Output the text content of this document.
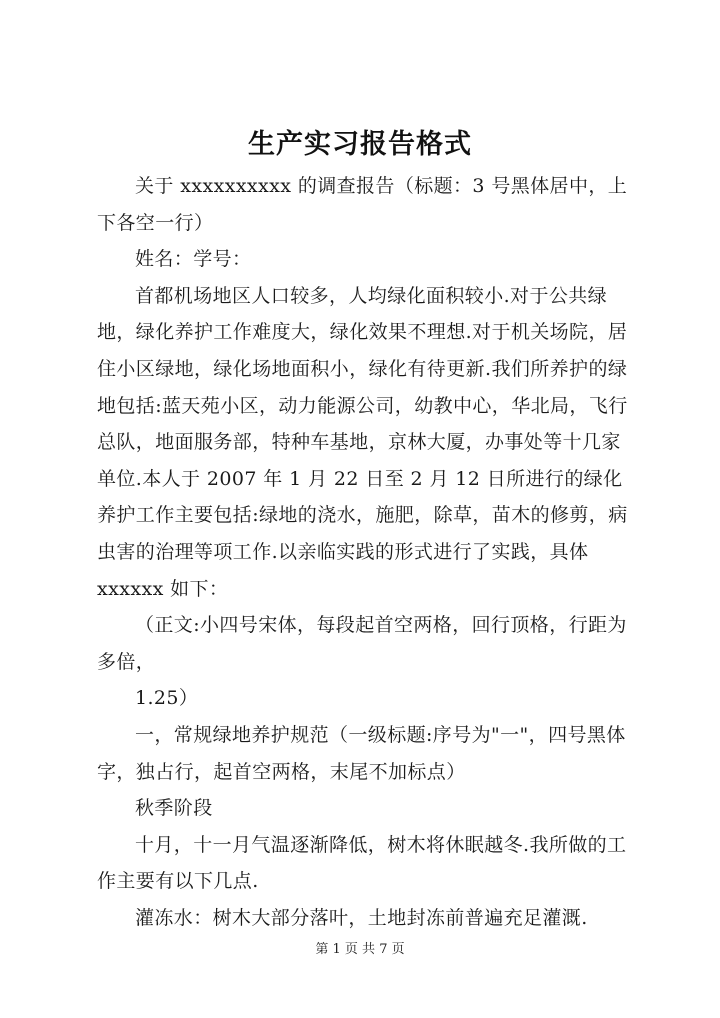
生产实习报告格式

关于 xxxxxxxxxx 的调查报告（标题：3 号黑体居中，上下各空一行）

姓名：学号：

首都机场地区人口较多，人均绿化面积较小.对于公共绿地，绿化养护工作难度大，绿化效果不理想.对于机关场院，居住小区绿地，绿化场地面积小，绿化有待更新.我们所养护的绿地包括:蓝天苑小区，动力能源公司，幼教中心，华北局，飞行总队，地面服务部，特种车基地，京林大厦，办事处等十几家单位.本人于 2007 年 1 月 22 日至 2 月 12 日所进行的绿化养护工作主要包括:绿地的浇水，施肥，除草，苗木的修剪，病虫害的治理等项工作.以亲临实践的形式进行了实践，具体 xxxxxx 如下：

（正文:小四号宋体，每段起首空两格，回行顶格，行距为多倍，

1.25）

一，常规绿地养护规范（一级标题:序号为"一"，四号黑体字，独占行，起首空两格，末尾不加标点）

秋季阶段

十月，十一月气温逐渐降低，树木将休眠越冬.我所做的工作主要有以下几点.

灌冻水：树木大部分落叶，土地封冻前普遍充足灌溉.

第 1 页 共 7 页
